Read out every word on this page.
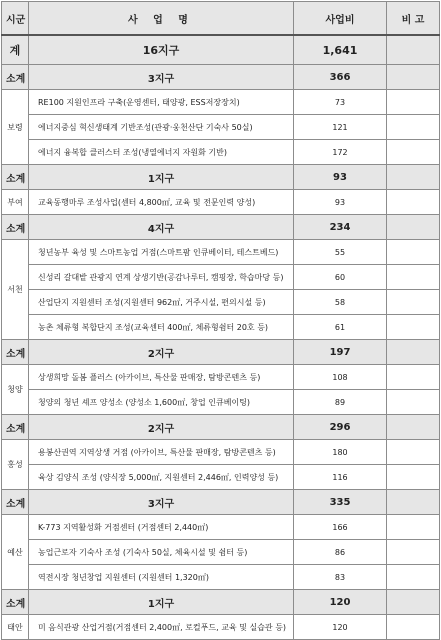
시군	사 업 명	사업비	비 고
계	16지구	1,641	
소계	3지구	366	
보령	RE100 지원인프라 구축(운영센터, 태양광, ESS저장장치)	73	
	에너지중심 혁신생태계 기반조성(관광·웅천산단 기숙사 50실)	121	
	에너지 융복합 클러스터 조성(냉열에너지 자원화 기반)	172	
소계	1지구	93	
부여	교육동행마루 조성사업(센터 4,800㎡, 교육 및 전문인력 양성)	93	
소계	4지구	234	
서천	청년농부 육성 및 스마트농업 거점(스마트팜 인큐베이터, 테스트베드)	55	
	신성리 갈대밭 관광지 연계 상생기반(공감나루터, 캠핑장, 학습마당 등)	60	
	산업단지 지원센터 조성(지원센터 962㎡, 거주시설, 편의시설 등)	58	
	농촌 체류형 복합단지 조성(교육센터 400㎡, 체류형쉼터 20호 등)	61	
소계	2지구	197	
청양	상생희망 돌봄 플러스 (아카이브, 특산물 판매장, 탐방콘텐츠 등)	108	
	청양의 청년 셰프 양성소 (양성소 1,600㎡, 창업 인큐베이팅)	89	
소계	2지구	296	
홍성	용봉산권역 지역상생 거점 (아카이브, 특산물 판매장, 탐방콘텐츠 등)	180	
	육상 김양식 조성 (양식장 5,000㎡, 지원센터 2,446㎡, 인력양성 등)	116	
소계	3지구	335	
예산	K-773 지역활성화 거점센터 (거점센터 2,440㎡)	166	
	농업근로자 기숙사 조성 (기숙사 50실, 체육시설 및 쉼터 등)	86	
	역전시장 청년창업 지원센터 (지원센터 1,320㎡)	83	
소계	1지구	120	
태안	미 음식관광 산업거점(거점센터 2,400㎡, 로컬푸드, 교육 및 실습관 등)	120	
